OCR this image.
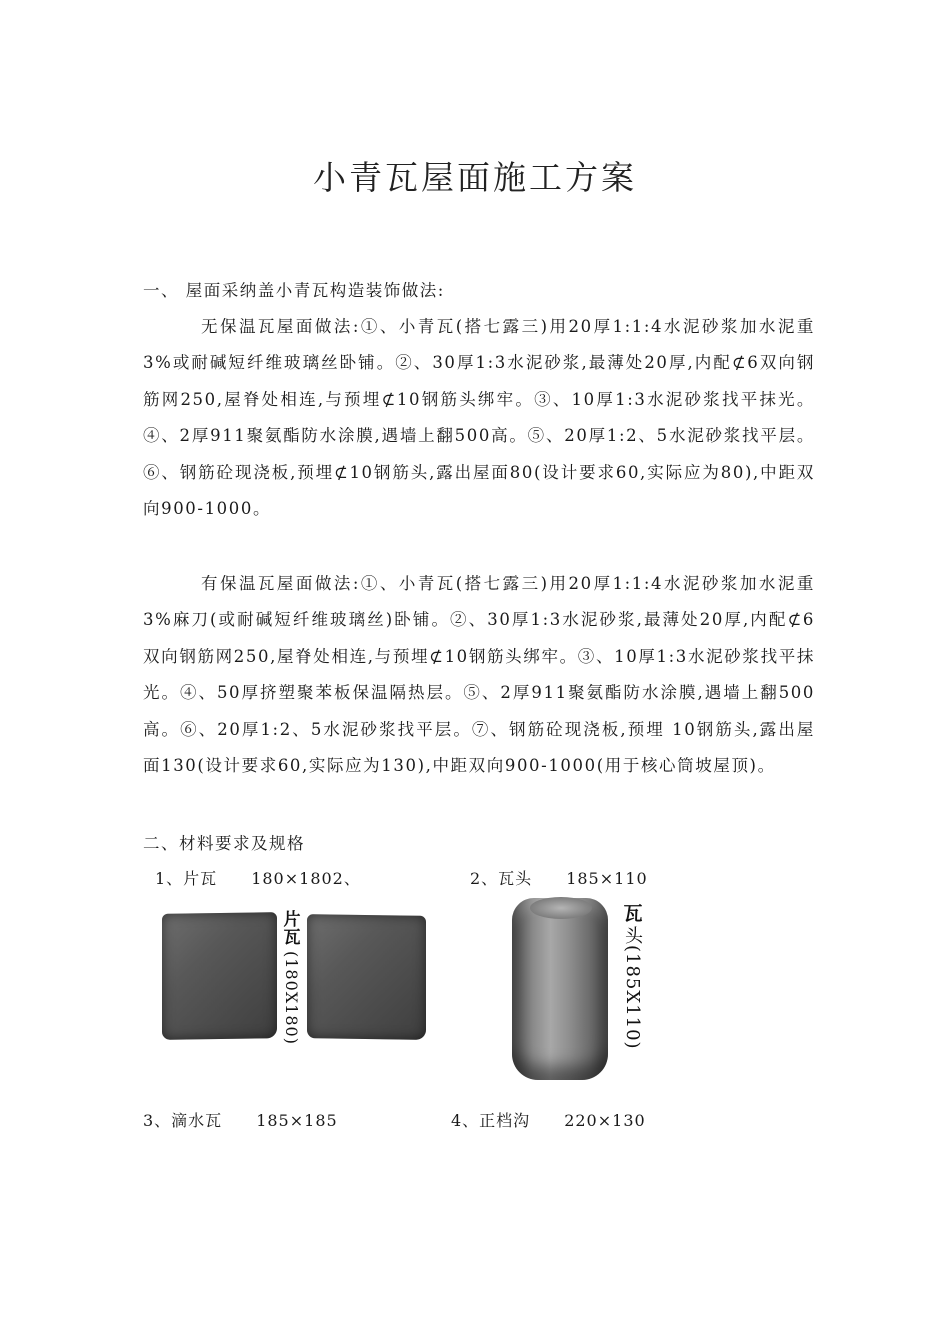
小青瓦屋面施工方案
一、 屋面采纳盖小青瓦构造装饰做法:

无保温瓦屋面做法:①、小青瓦(搭七露三)用20厚1:1:4水泥砂浆加水泥重3%或耐碱短纤维玻璃丝卧铺。②、30厚1:3水泥砂浆,最薄处20厚,内配⊄6双向钢筋网250,屋脊处相连,与预埋⊄10钢筋头绑牢。③、10厚1:3水泥砂浆找平抹光。④、2厚911聚氨酯防水涂膜,遇墙上翻500高。⑤、20厚1:2、5水泥砂浆找平层。⑥、钢筋砼现浇板,预埋⊄10钢筋头,露出屋面80(设计要求60,实际应为80),中距双向900-1000。

有保温瓦屋面做法:①、小青瓦(搭七露三)用20厚1:1:4水泥砂浆加水泥重3%麻刀(或耐碱短纤维玻璃丝)卧铺。②、30厚1:3水泥砂浆,最薄处20厚,内配⊄6双向钢筋网250,屋脊处相连,与预埋⊄10钢筋头绑牢。③、10厚1:3水泥砂浆找平抹光。④、50厚挤塑聚苯板保温隔热层。⑤、2厚911聚氨酯防水涂膜,遇墙上翻500高。⑥、20厚1:2、5水泥砂浆找平层。⑦、钢筋砼现浇板,预埋 10钢筋头,露出屋面130(设计要求60,实际应为130),中距双向900-1000(用于核心筒坡屋顶)。

二、材料要求及规格
1、片瓦 180×1802、	2、瓦头 185×110
片瓦
(180X180)
瓦
头(185X110)
3、滴水瓦 185×185	4、正档沟 220×130
